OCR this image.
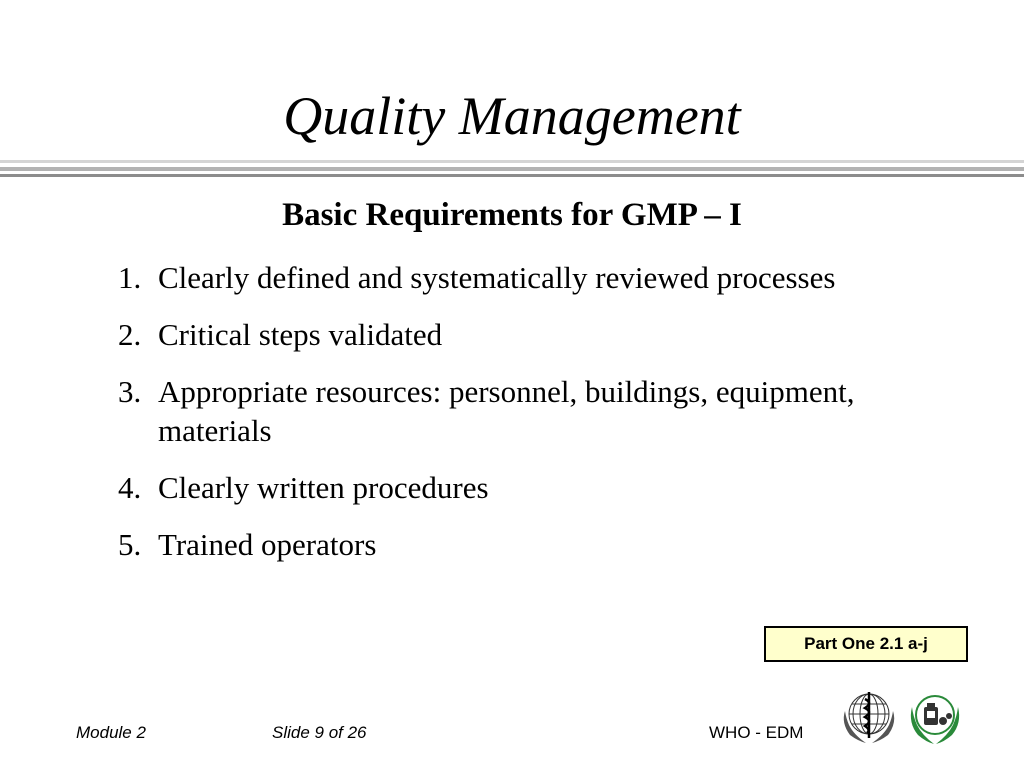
Quality Management
Basic Requirements for GMP – I
1. Clearly defined and systematically reviewed processes
2. Critical steps validated
3. Appropriate resources: personnel, buildings, equipment, materials
4. Clearly written procedures
5. Trained operators
Part One 2.1 a-j
Module 2	Slide 9 of 26	WHO - EDM
